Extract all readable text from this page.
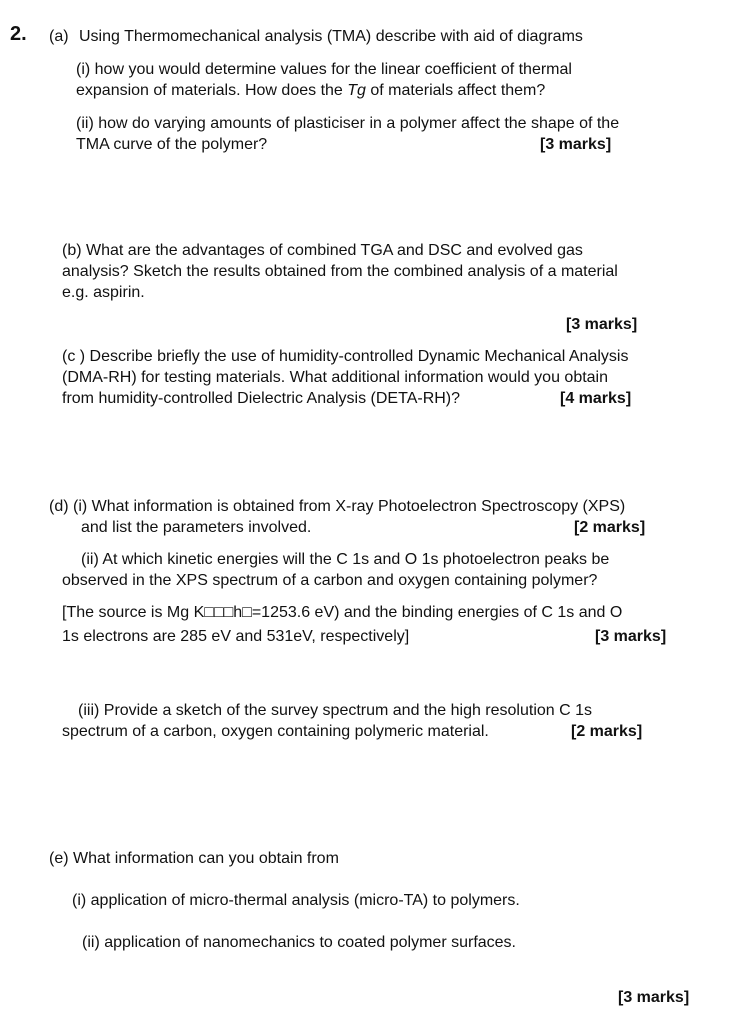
2. (a) Using Thermomechanical analysis (TMA) describe with aid of diagrams
(i) how you would determine values for the linear coefficient of thermal
expansion of materials. How does the Tg of materials affect them?
(ii) how do varying amounts of plasticiser in a polymer affect the shape of the
TMA curve of the polymer?	[3 marks]
(b) What are the advantages of combined TGA and DSC and evolved gas
analysis? Sketch the results obtained from the combined analysis of a material
e.g. aspirin.
[3 marks]
(c ) Describe briefly the use of humidity-controlled Dynamic Mechanical Analysis
(DMA-RH) for testing materials. What additional information would you obtain
from humidity-controlled Dielectric Analysis (DETA-RH)?	[4 marks]
(d) (i) What information is obtained from X-ray Photoelectron Spectroscopy (XPS)
and list the parameters involved.	[2 marks]
(ii) At which kinetic energies will the C 1s and O 1s photoelectron peaks be
observed in the XPS spectrum of a carbon and oxygen containing polymer?
[The source is Mg K□□□h□=1253.6 eV) and the binding energies of C 1s and O
1s electrons are 285 eV and 531eV, respectively]	[3 marks]
(iii) Provide a sketch of the survey spectrum and the high resolution C 1s
spectrum of a carbon, oxygen containing polymeric material.	[2 marks]
(e) What information can you obtain from
(i) application of micro-thermal analysis (micro-TA) to polymers.
(ii) application of nanomechanics to coated polymer surfaces.
[3 marks]
